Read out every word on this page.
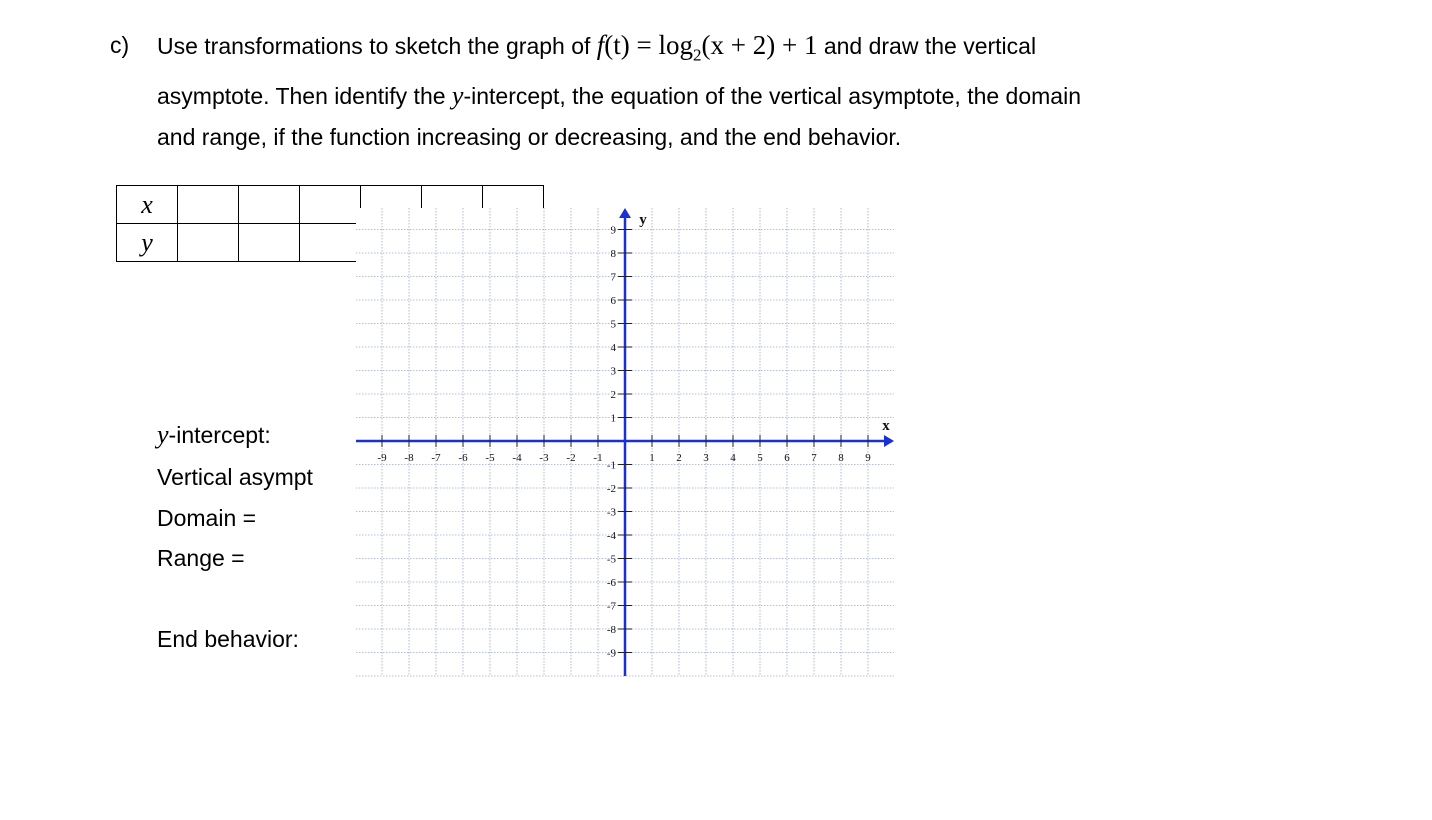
c) Use transformations to sketch the graph of $f(t) = \log_2(x + 2) + 1$ and draw the vertical
asymptote. Then identify the y-intercept, the equation of the vertical asymptote, the domain
and range, if the function increasing or decreasing, and the end behavior.
x						
y						
y-intercept:
Vertical asympt
Domain =
Range =
End behavior:
-9 -8 -7 -6 -5 -4 -3 -2 -1	1 2 3 4 5 6 7 8 9
9
8
7
6
5
4
3
2
1
-1
-2
-3
-4
-5
-6
-7
-8
-9
x
y
